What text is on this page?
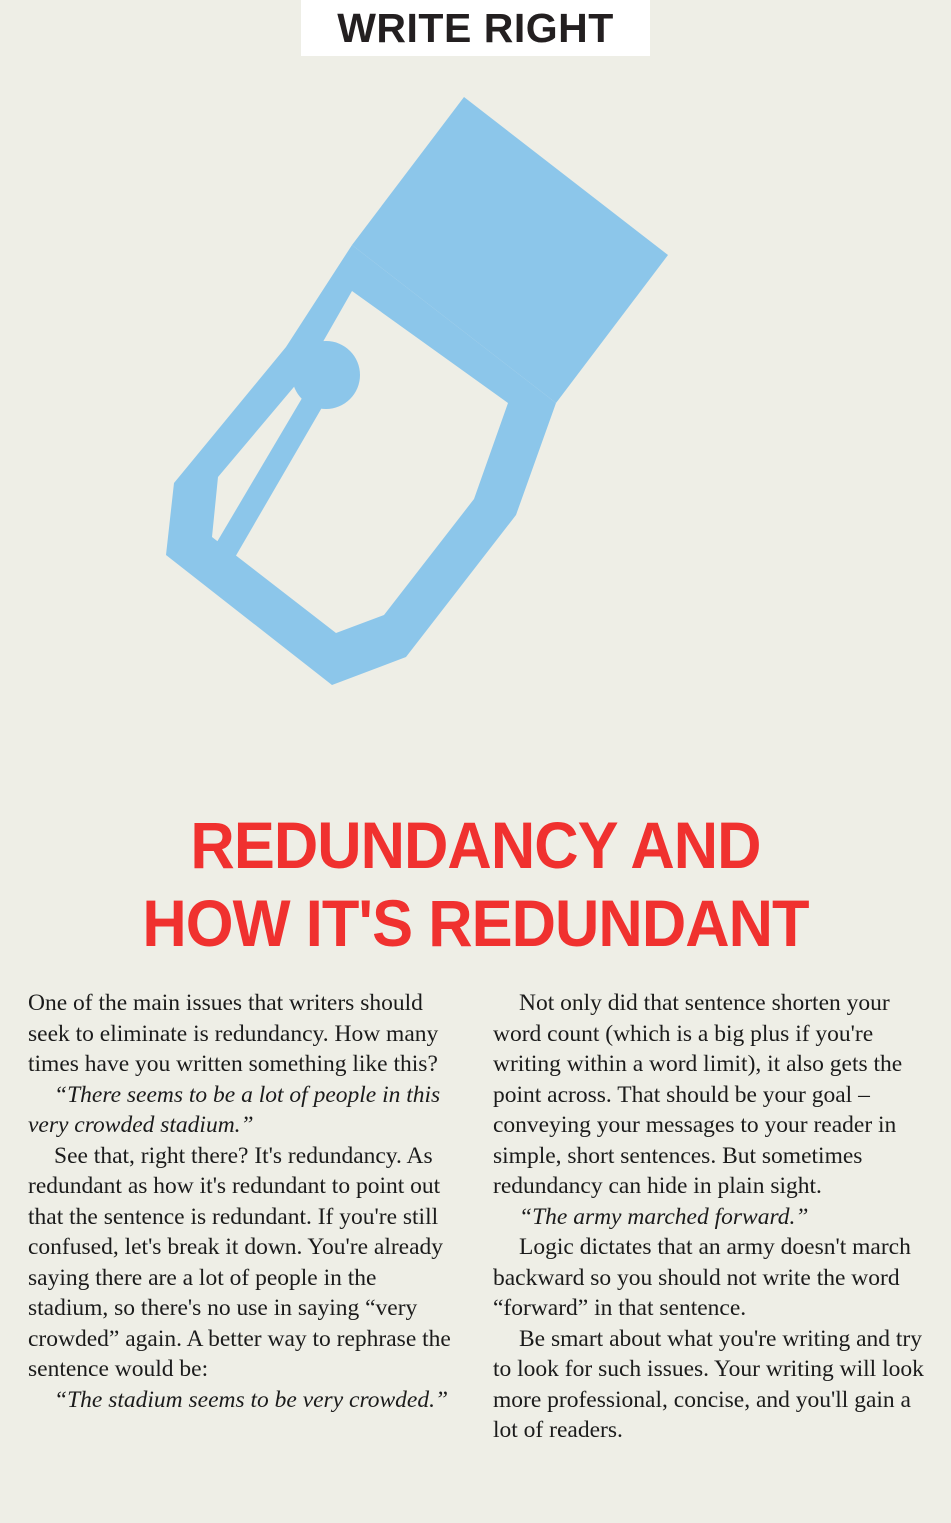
WRITE RIGHT
REDUNDANCY AND
HOW IT'S REDUNDANT

One of the main issues that writers should seek to eliminate is redundancy. How many times have you written something like this?

“There seems to be a lot of people in this very crowded stadium.”

See that, right there? It's redundancy. As redundant as how it's redundant to point out that the sentence is redundant. If you're still confused, let's break it down. You're already saying there are a lot of people in the stadium, so there's no use in saying “very crowded” again. A better way to rephrase the sentence would be:

“The stadium seems to be very crowded.”

Not only did that sentence shorten your word count (which is a big plus if you're writing within a word limit), it also gets the point across. That should be your goal – conveying your messages to your reader in simple, short sentences. But sometimes redundancy can hide in plain sight.

“The army marched forward.”

Logic dictates that an army doesn't march backward so you should not write the word “forward” in that sentence.

Be smart about what you're writing and try to look for such issues. Your writing will look more professional, concise, and you'll gain a lot of readers.
